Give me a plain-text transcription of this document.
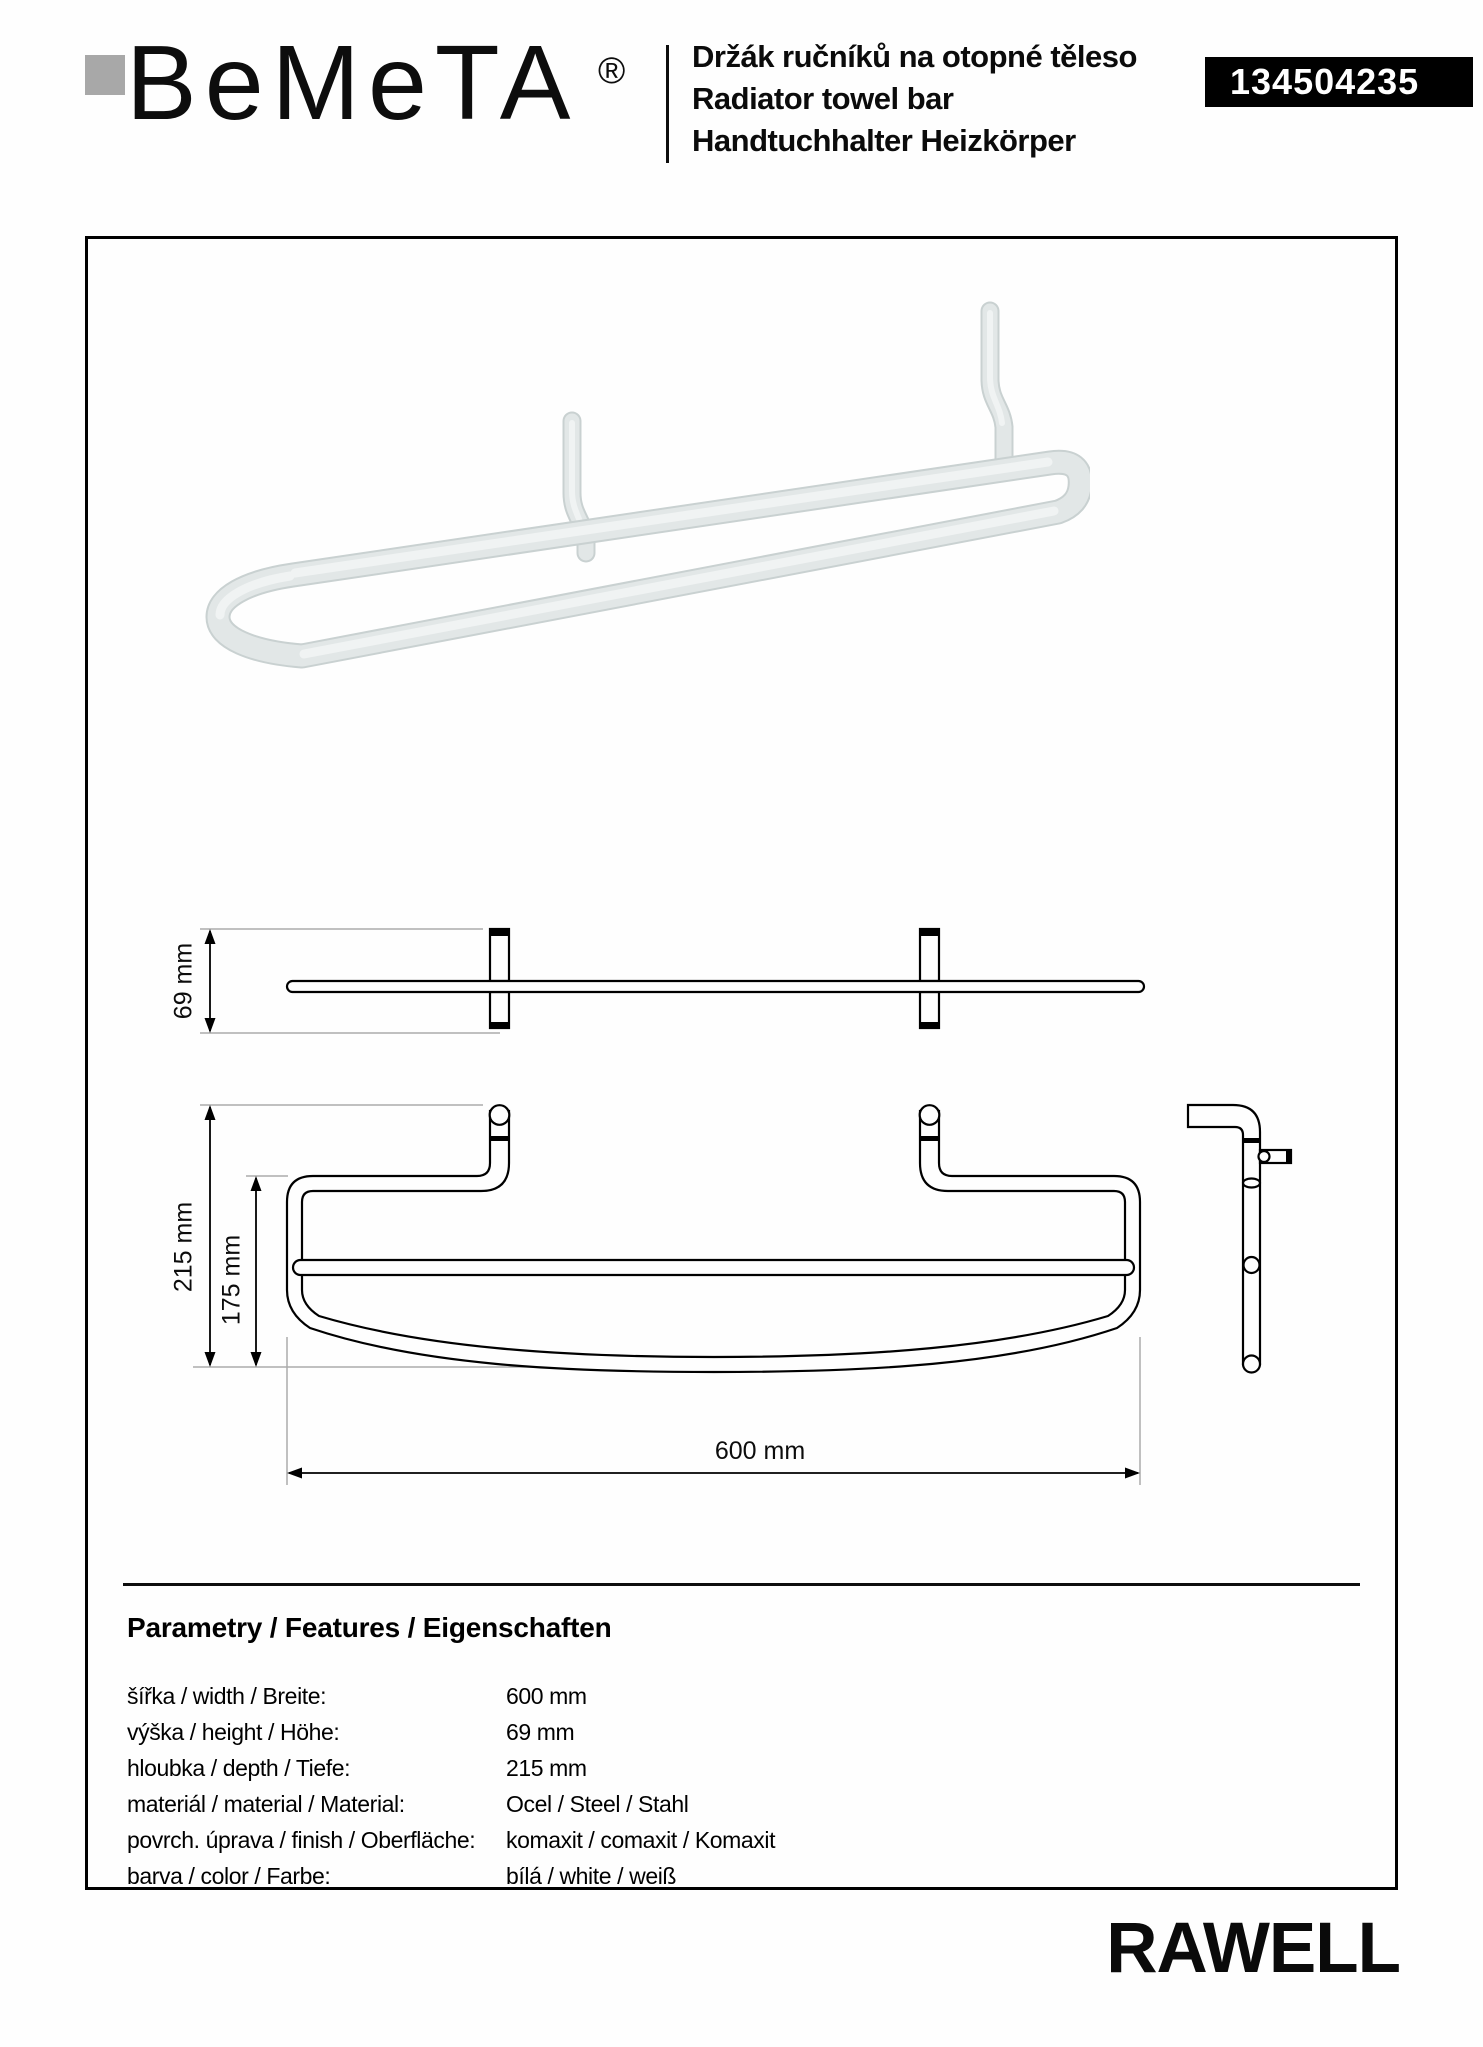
BeMeTA ® Držák ručníků na otopné těleso
Radiator towel bar
Handtuchhalter Heizkörper
134504235
69 mm
215 mm 175 mm
600 mm
Parametry / Features / Eigenschaften
šířka / width / Breite:	600 mm
výška / height / Höhe:	69 mm
hloubka / depth / Tiefe:	215 mm
materiál / material / Material:	Ocel / Steel / Stahl
povrch. úprava / finish / Oberfläche:	komaxit / comaxit / Komaxit
barva / color / Farbe:	bílá / white / weiß
RAWELL
